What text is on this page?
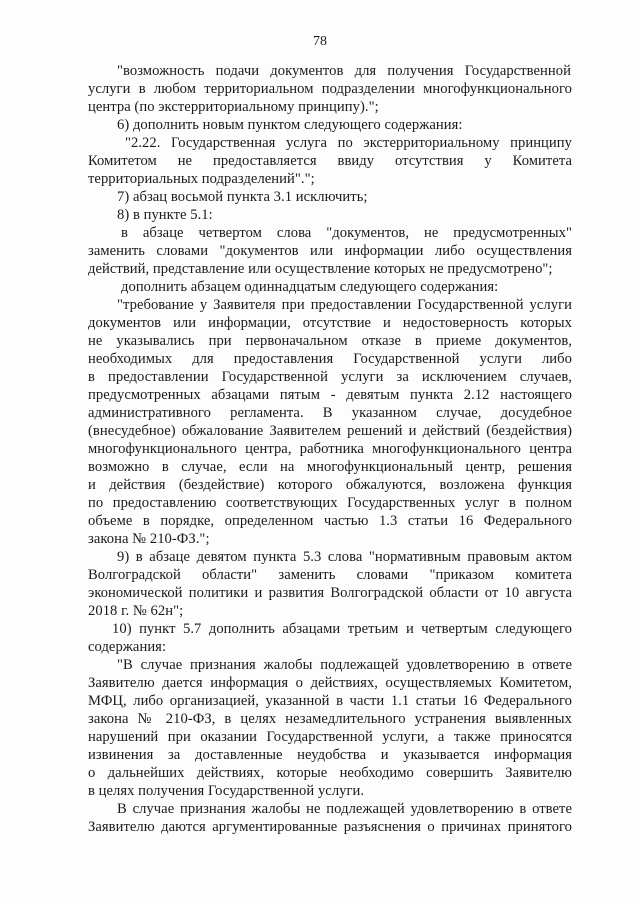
78
"возможность подачи документов для получения Государственной
услуги в любом территориальном подразделении многофункционального
центра (по экстерриториальному принципу).";
6) дополнить новым пунктом следующего содержания:
"2.22. Государственная услуга по экстерриториальному принципу
Комитетом не предоставляется ввиду отсутствия у Комитета
территориальных подразделений".";
7) абзац восьмой пункта 3.1 исключить;
8) в пункте 5.1:
в абзаце четвертом слова "документов, не предусмотренных"
заменить словами "документов или информации либо осуществления
действий, представление или осуществление которых не предусмотрено";
дополнить абзацем одиннадцатым следующего содержания:
"требование у Заявителя при предоставлении Государственной услуги
документов или информации, отсутствие и недостоверность которых
не указывались при первоначальном отказе в приеме документов,
необходимых для предоставления Государственной услуги либо
в предоставлении Государственной услуги за исключением случаев,
предусмотренных абзацами пятым - девятым пункта 2.12 настоящего
административного регламента. В указанном случае, досудебное
(внесудебное) обжалование Заявителем решений и действий (бездействия)
многофункционального центра, работника многофункционального центра
возможно в случае, если на многофункциональный центр, решения
и действия (бездействие) которого обжалуются, возложена функция
по предоставлению соответствующих Государственных услуг в полном
объеме в порядке, определенном частью 1.3 статьи 16 Федерального
закона № 210-ФЗ.";
9) в абзаце девятом пункта 5.3 слова "нормативным правовым актом
Волгоградской области" заменить словами "приказом комитета
экономической политики и развития Волгоградской области от 10 августа
2018 г. № 62н";
10) пункт 5.7 дополнить абзацами третьим и четвертым следующего
содержания:
"В случае признания жалобы подлежащей удовлетворению в ответе
Заявителю дается информация о действиях, осуществляемых Комитетом,
МФЦ, либо организацией, указанной в части 1.1 статьи 16 Федерального
закона № 210-ФЗ, в целях незамедлительного устранения выявленных
нарушений при оказании Государственной услуги, а также приносятся
извинения за доставленные неудобства и указывается информация
о дальнейших действиях, которые необходимо совершить Заявителю
в целях получения Государственной услуги.
В случае признания жалобы не подлежащей удовлетворению в ответе
Заявителю даются аргументированные разъяснения о причинах принятого
